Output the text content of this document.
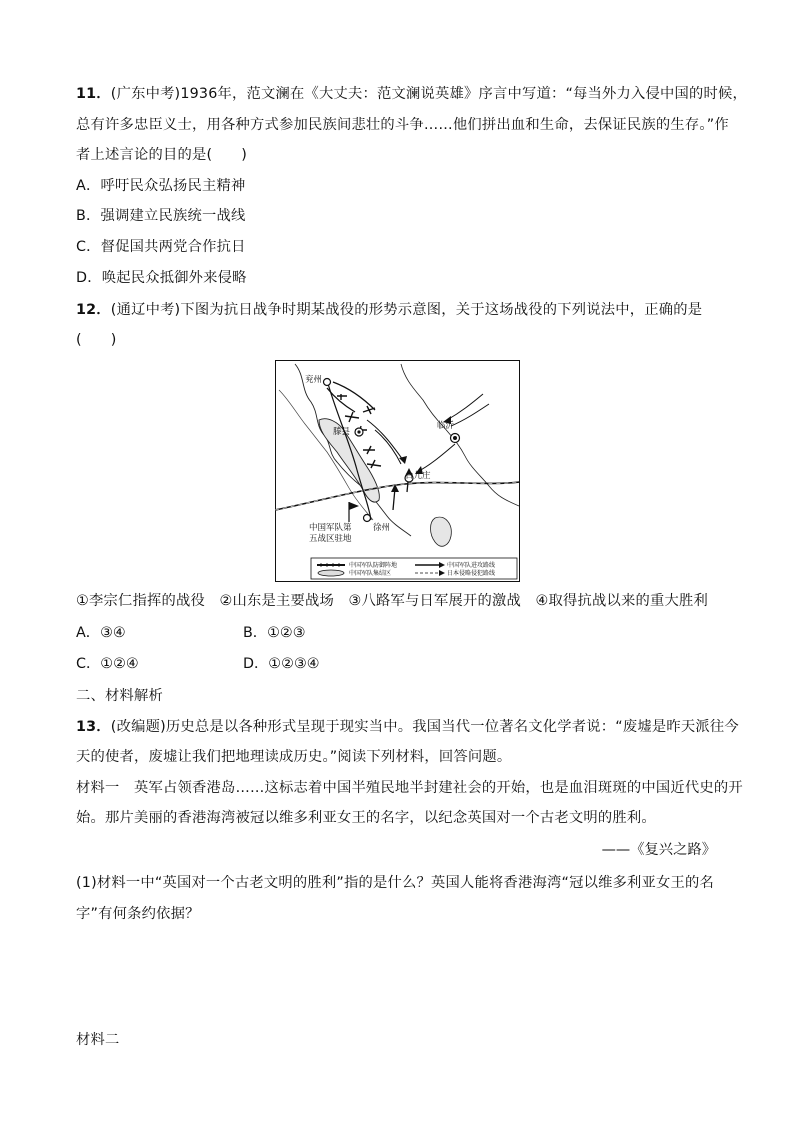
11．(广东中考)1936年，范文澜在《大丈夫：范文澜说英雄》序言中写道：“每当外力入侵中国的时候，
总有许多忠臣义士，用各种方式参加民族间悲壮的斗争……他们拼出血和生命，去保证民族的生存。”作
者上述言论的目的是(　　)
A．呼吁民众弘扬民主精神
B．强调建立民族统一战线
C．督促国共两党合作抗日
D．唤起民众抵御外来侵略
12．(通辽中考)下图为抗日战争时期某战役的形势示意图，关于这场战役的下列说法中，正确的是
(　　)
兖州
滕县
临沂
台儿庄
徐州
中国军队第
五战区驻地
中国军队防御阵地	中国军队进攻路线
中国军队集结区	日本侵略侵犯路线
①李宗仁指挥的战役　②山东是主要战场　③八路军与日军展开的激战　④取得抗战以来的重大胜利
A．③④	B．①②③
C．①②④	D．①②③④
二、材料解析
13．(改编题)历史总是以各种形式呈现于现实当中。我国当代一位著名文化学者说：“废墟是昨天派往今
天的使者，废墟让我们把地理读成历史。”阅读下列材料，回答问题。
材料一　英军占领香港岛……这标志着中国半殖民地半封建社会的开始，也是血泪斑斑的中国近代史的开
始。那片美丽的香港海湾被冠以维多利亚女王的名字，以纪念英国对一个古老文明的胜利。
——《复兴之路》
(1)材料一中“英国对一个古老文明的胜利”指的是什么？英国人能将香港海湾“冠以维多利亚女王的名
字”有何条约依据？
材料二
